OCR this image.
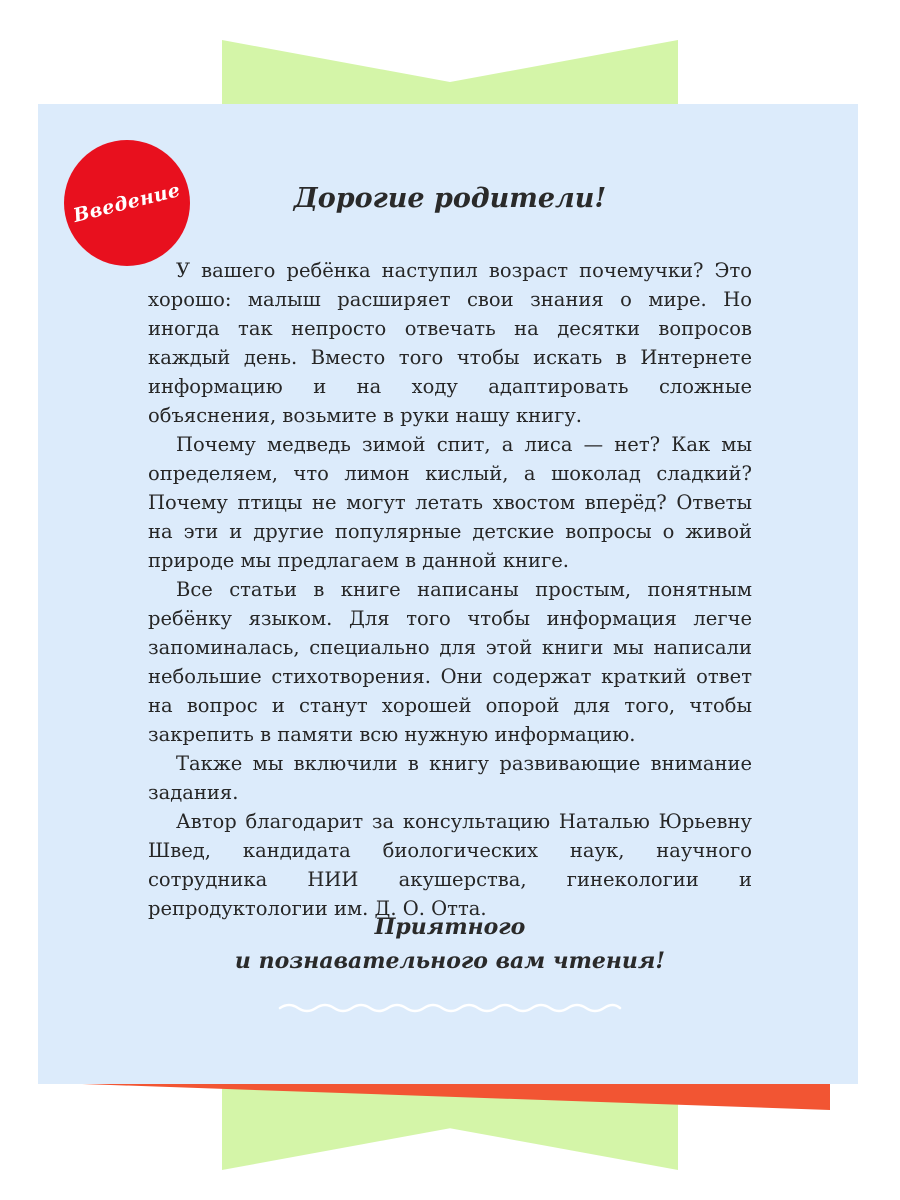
Введение	Дорогие родители!

У вашего ребёнка наступил возраст почемучки? Это хорошо: малыш расширяет свои знания о мире. Но иногда так непросто отвечать на десятки вопросов каждый день. Вместо того чтобы искать в Интернете информацию и на ходу адаптировать сложные объяснения, возьмите в руки нашу книгу.

Почему медведь зимой спит, а лиса — нет? Как мы определяем, что лимон кислый, а шоколад сладкий? Почему птицы не могут летать хвостом вперёд? Ответы на эти и другие популярные детские вопросы о живой природе мы предлагаем в данной книге.

Все статьи в книге написаны простым, понятным ребёнку языком. Для того чтобы информация легче запоминалась, специально для этой книги мы написали небольшие стихотворения. Они содержат краткий ответ на вопрос и станут хорошей опорой для того, чтобы закрепить в памяти всю нужную информацию.

Также мы включили в книгу развивающие внимание задания.

Автор благодарит за консультацию Наталью Юрьевну Швед, кандидата биологических наук, научного сотрудника НИИ акушерства, гинекологии и репродуктологии им. Д. О. Отта.

Приятного
и познавательного вам чтения!
